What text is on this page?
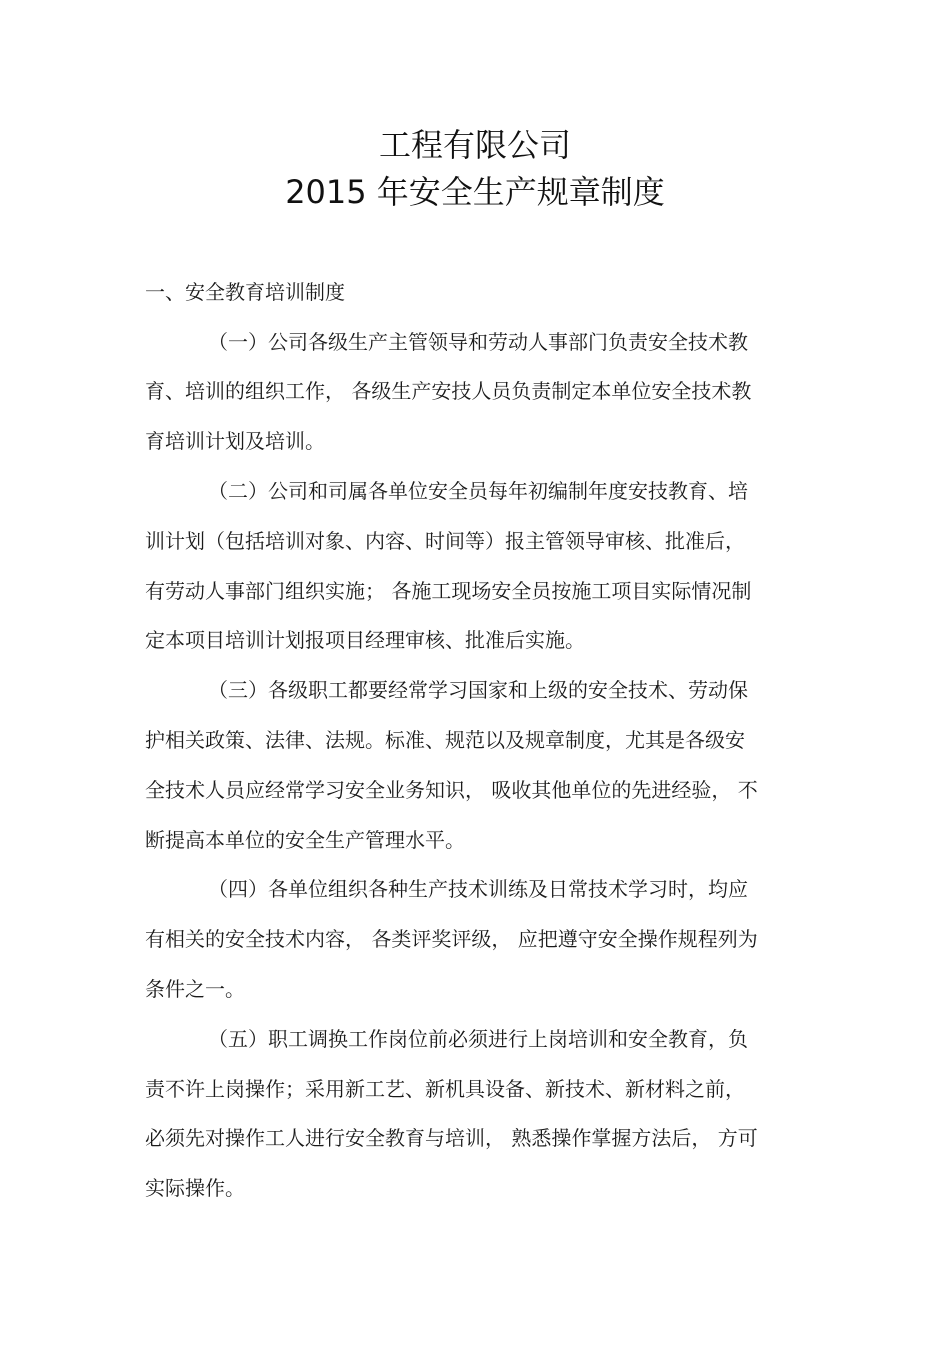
工程有限公司
2015 年安全生产规章制度
一、安全教育培训制度
（一）公司各级生产主管领导和劳动人事部门负责安全技术教
育、培训的组织工作， 各级生产安技人员负责制定本单位安全技术教
育培训计划及培训。
（二）公司和司属各单位安全员每年初编制年度安技教育、培
训计划（包括培训对象、内容、时间等）报主管领导审核、批准后，
有劳动人事部门组织实施； 各施工现场安全员按施工项目实际情况制
定本项目培训计划报项目经理审核、批准后实施。
（三）各级职工都要经常学习国家和上级的安全技术、劳动保
护相关政策、法律、法规。标准、规范以及规章制度，尤其是各级安
全技术人员应经常学习安全业务知识， 吸收其他单位的先进经验， 不
断提高本单位的安全生产管理水平。
（四）各单位组织各种生产技术训练及日常技术学习时，均应
有相关的安全技术内容， 各类评奖评级， 应把遵守安全操作规程列为
条件之一。
（五）职工调换工作岗位前必须进行上岗培训和安全教育，负
责不许上岗操作；采用新工艺、新机具设备、新技术、新材料之前，
必须先对操作工人进行安全教育与培训， 熟悉操作掌握方法后， 方可
实际操作。
